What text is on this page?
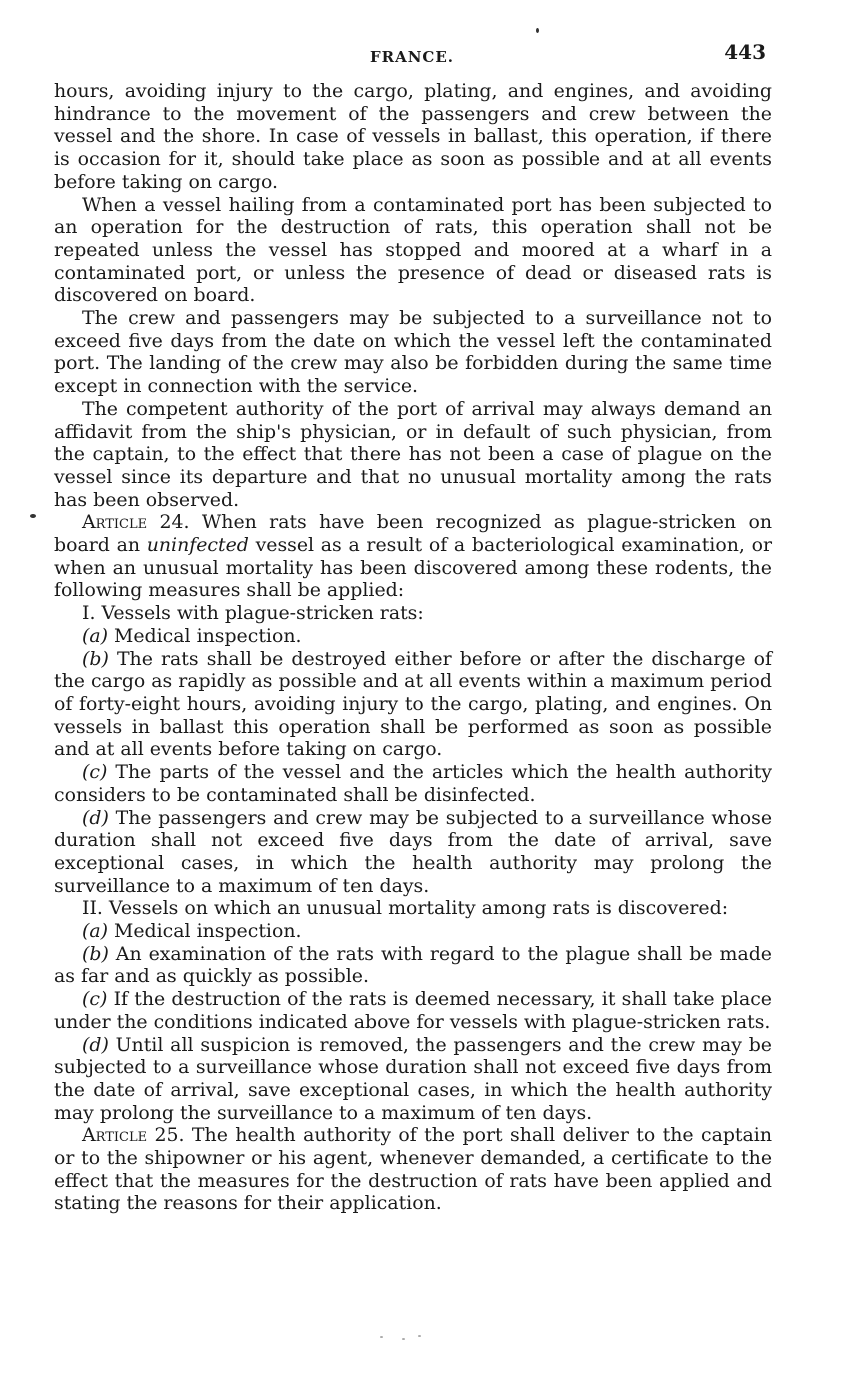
FRANCE.	443

hours, avoiding injury to the cargo, plating, and engines, and avoiding hindrance to the movement of the passengers and crew between the vessel and the shore. In case of vessels in ballast, this operation, if there is occasion for it, should take place as soon as possible and at all events before taking on cargo.

When a vessel hailing from a contaminated port has been subjected to an operation for the destruction of rats, this operation shall not be repeated unless the vessel has stopped and moored at a wharf in a contaminated port, or unless the presence of dead or diseased rats is discovered on board.

The crew and passengers may be subjected to a surveillance not to exceed five days from the date on which the vessel left the contaminated port. The landing of the crew may also be forbidden during the same time except in connection with the service.

The competent authority of the port of arrival may always demand an affidavit from the ship's physician, or in default of such physician, from the captain, to the effect that there has not been a case of plague on the vessel since its departure and that no unusual mortality among the rats has been observed.

Article 24. When rats have been recognized as plague-stricken on board an uninfected vessel as a result of a bacteriological examination, or when an unusual mortality has been discovered among these rodents, the following measures shall be applied:

I. Vessels with plague-stricken rats:

(a) Medical inspection.

(b) The rats shall be destroyed either before or after the discharge of the cargo as rapidly as possible and at all events within a maximum period of forty-eight hours, avoiding injury to the cargo, plating, and engines. On vessels in ballast this operation shall be performed as soon as possible and at all events before taking on cargo.

(c) The parts of the vessel and the articles which the health authority considers to be contaminated shall be disinfected.

(d) The passengers and crew may be subjected to a surveillance whose duration shall not exceed five days from the date of arrival, save exceptional cases, in which the health authority may prolong the surveillance to a maximum of ten days.

II. Vessels on which an unusual mortality among rats is discovered:

(a) Medical inspection.

(b) An examination of the rats with regard to the plague shall be made as far and as quickly as possible.

(c) If the destruction of the rats is deemed necessary, it shall take place under the conditions indicated above for vessels with plague-stricken rats.

(d) Until all suspicion is removed, the passengers and the crew may be subjected to a surveillance whose duration shall not exceed five days from the date of arrival, save exceptional cases, in which the health authority may prolong the surveillance to a maximum of ten days.

Article 25. The health authority of the port shall deliver to the captain or to the shipowner or his agent, whenever demanded, a certificate to the effect that the measures for the destruction of rats have been applied and stating the reasons for their application.
